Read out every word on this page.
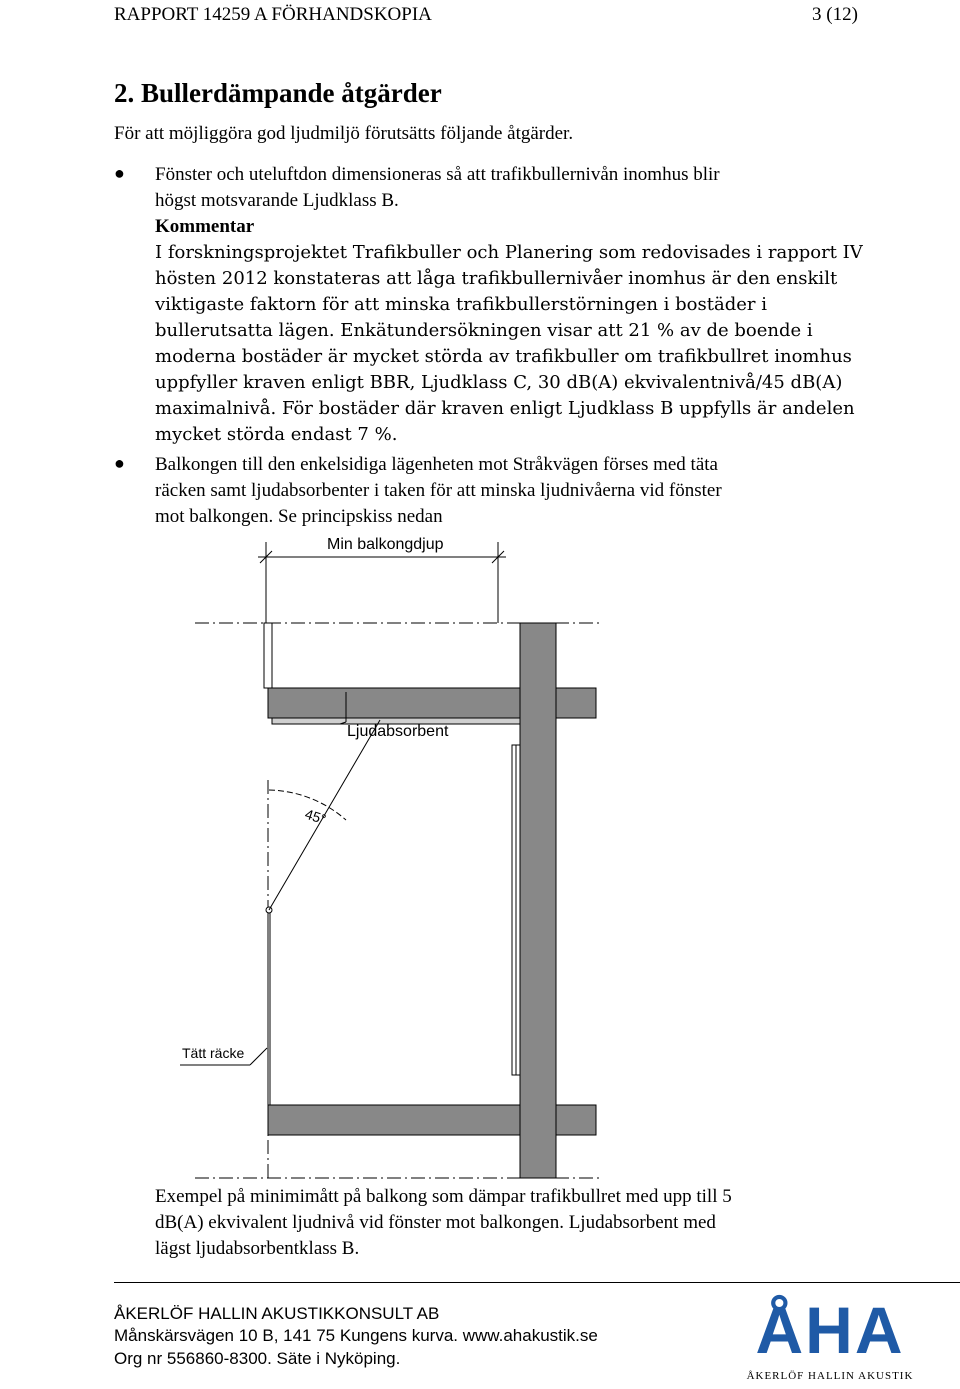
RAPPORT 14259 A FÖRHANDSKOPIA	3 (12)
2. Bullerdämpande åtgärder
För att möjliggöra god ljudmiljö förutsätts följande åtgärder.
● Fönster och uteluftdon dimensioneras så att trafikbullernivån inomhus blir
högst motsvarande Ljudklass B.
Kommentar
I forskningsprojektet Trafikbuller och Planering som redovisades i rapport IV
hösten 2012 konstateras att låga trafikbullernivåer inomhus är den enskilt
viktigaste faktorn för att minska trafikbullerstörningen i bostäder i
bullerutsatta lägen. Enkätundersökningen visar att 21 % av de boende i
moderna bostäder är mycket störda av trafikbuller om trafikbullret inomhus
uppfyller kraven enligt BBR, Ljudklass C, 30 dB(A) ekvivalentnivå/45 dB(A)
maximalnivå. För bostäder där kraven enligt Ljudklass B uppfylls är andelen
mycket störda endast 7 %.
● Balkongen till den enkelsidiga lägenheten mot Stråkvägen förses med täta
räcken samt ljudabsorbenter i taken för att minska ljudnivåerna vid fönster
mot balkongen. Se principskiss nedan
Min balkongdjup
Ljudabsorbent
45°
Tätt räcke
Exempel på minimimått på balkong som dämpar trafikbullret med upp till 5
dB(A) ekvivalent ljudnivå vid fönster mot balkongen. Ljudabsorbent med
lägst ljudabsorbentklass B.
ÅKERLÖF HALLIN AKUSTIKKONSULT AB
Månskärsvägen 10 B, 141 75 Kungens kurva. www.ahakustik.se
Org nr 556860-8300. Säte i Nyköping.	ÅHA
ÅKERLÖF HALLIN AKUSTIK
